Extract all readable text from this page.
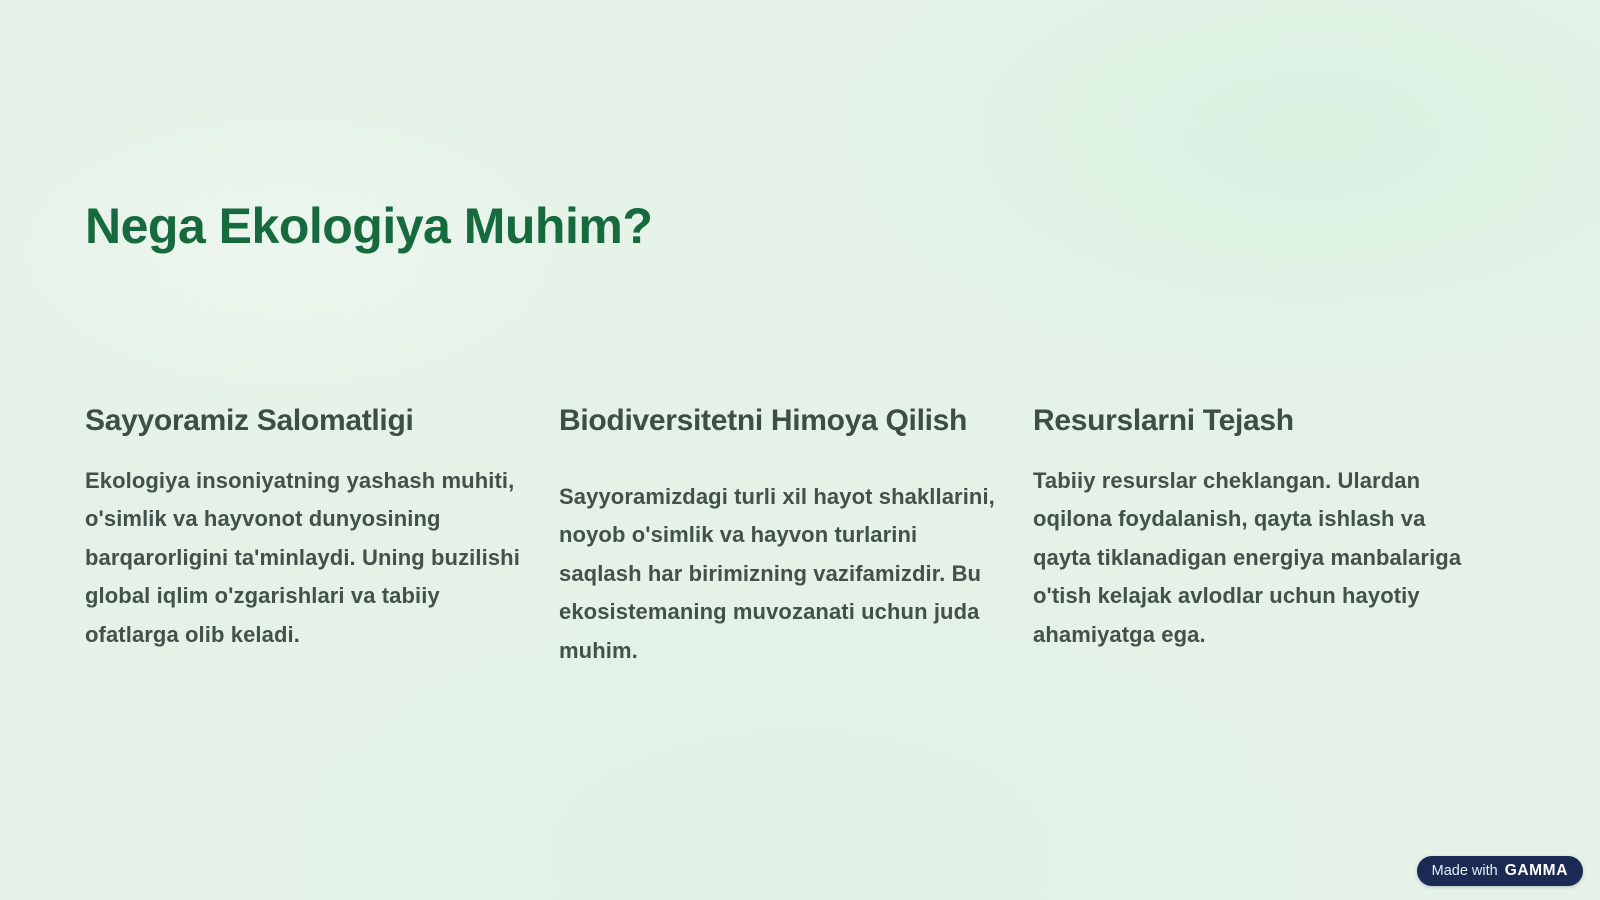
Nega Ekologiya Muhim?
Sayyoramiz Salomatligi

Ekologiya insoniyatning yashash muhiti, o'simlik va hayvonot dunyosining barqarorligini ta'minlaydi. Uning buzilishi global iqlim o'zgarishlari va tabiiy ofatlarga olib keladi.

Biodiversitetni Himoya Qilish

Sayyoramizdagi turli xil hayot shakllarini, noyob o'simlik va hayvon turlarini saqlash har birimizning vazifamizdir. Bu ekosistemaning muvozanati uchun juda muhim.

Resurslarni Tejash

Tabiiy resurslar cheklangan. Ulardan oqilona foydalanish, qayta ishlash va qayta tiklanadigan energiya manbalariga o'tish kelajak avlodlar uchun hayotiy ahamiyatga ega.

Made with GAMMA
